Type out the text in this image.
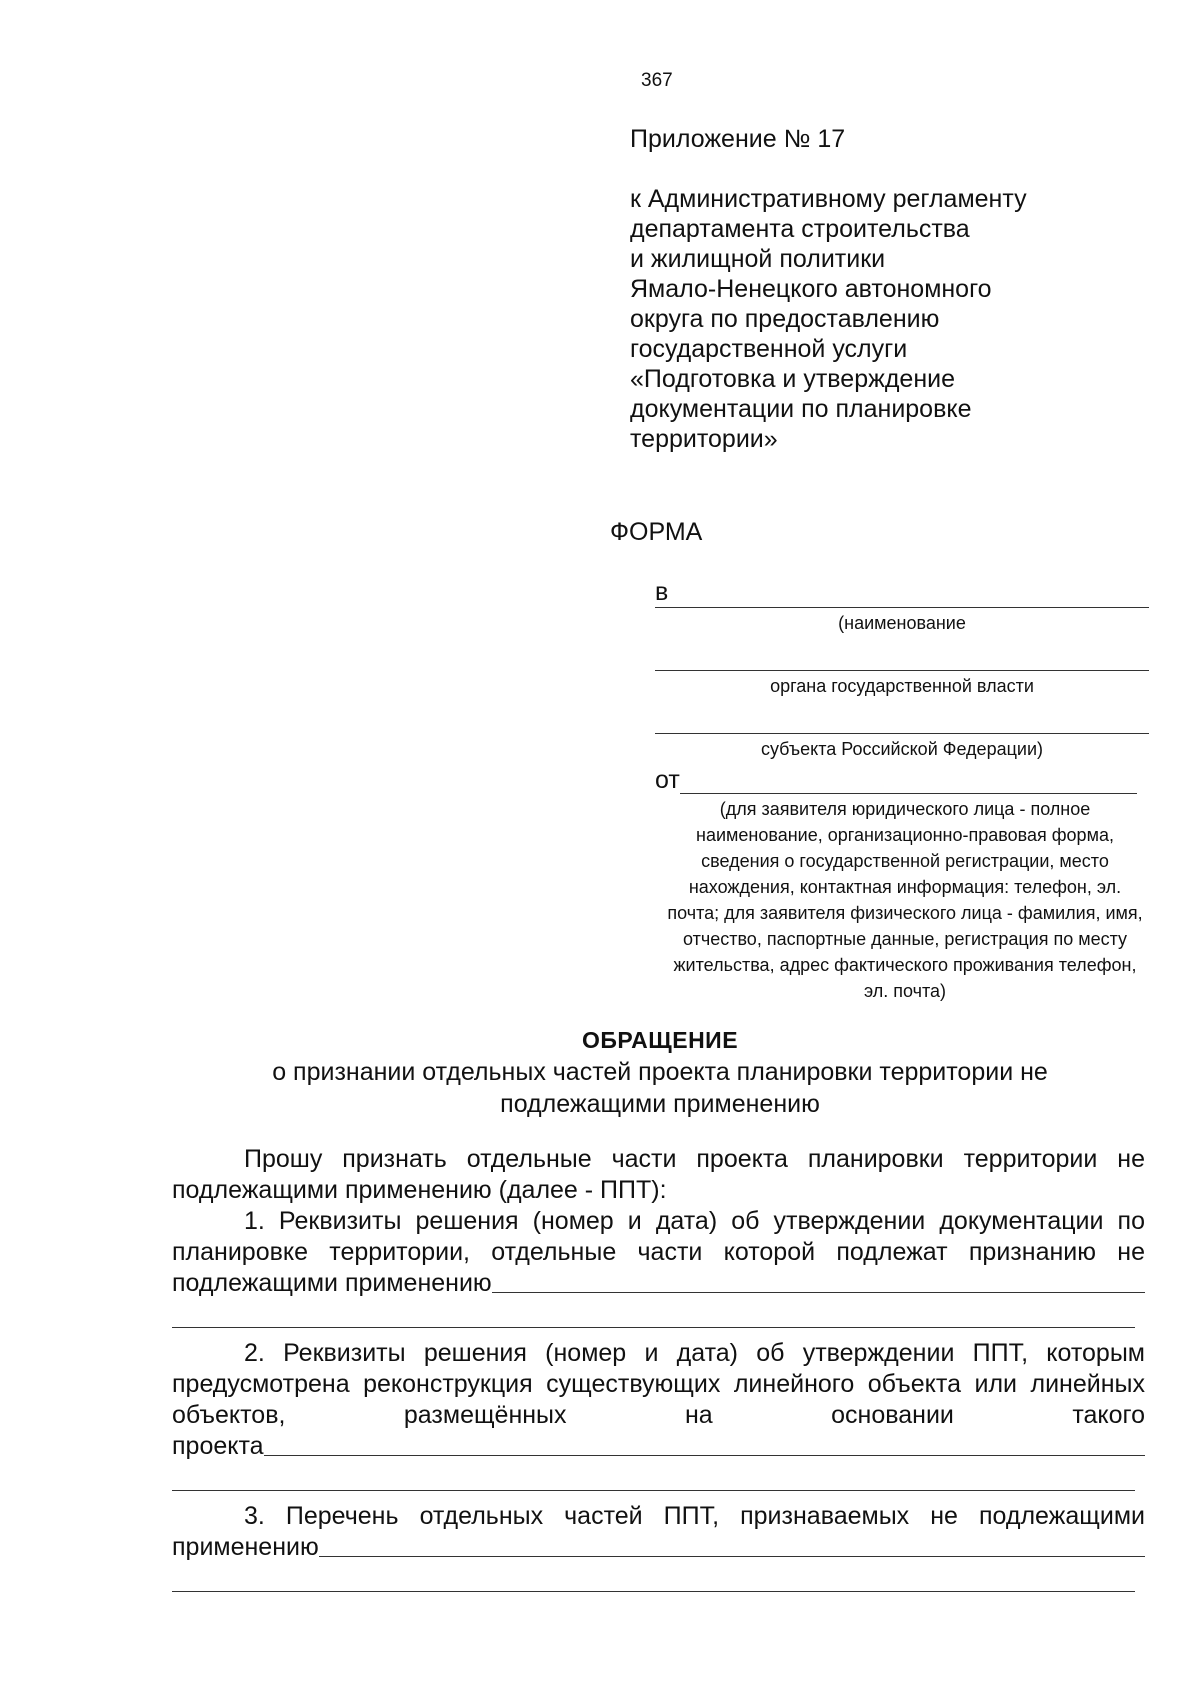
367
Приложение № 17
к Административному регламенту
департамента строительства
и жилищной политики
Ямало-Ненецкого автономного
округа по предоставлению
государственной услуги
«Подготовка и утверждение
документации по планировке
территории»
ФОРМА
в
(наименование
органа государственной власти
субъекта Российской Федерации)
от
(для заявителя юридического лица - полное наименование, организационно-правовая форма, сведения о государственной регистрации, место нахождения, контактная информация: телефон, эл. почта; для заявителя физического лица - фамилия, имя, отчество, паспортные данные, регистрация по месту жительства, адрес фактического проживания телефон, эл. почта)
ОБРАЩЕНИЕ
о признании отдельных частей проекта планировки территории не
подлежащими применению

Прошу признать отдельные части проекта планировки территории не подлежащими применению (далее - ППТ):

1. Реквизиты решения (номер и дата) об утверждении документации по планировке территории, отдельные части которой подлежат признанию не

подлежащими применению

2. Реквизиты решения (номер и дата) об утверждении ППТ, которым предусмотрена реконструкция существующих линейного объекта или линейных объектов, размещённых на основании такого

проекта

3. Перечень отдельных частей ППТ, признаваемых не подлежащими

применению
